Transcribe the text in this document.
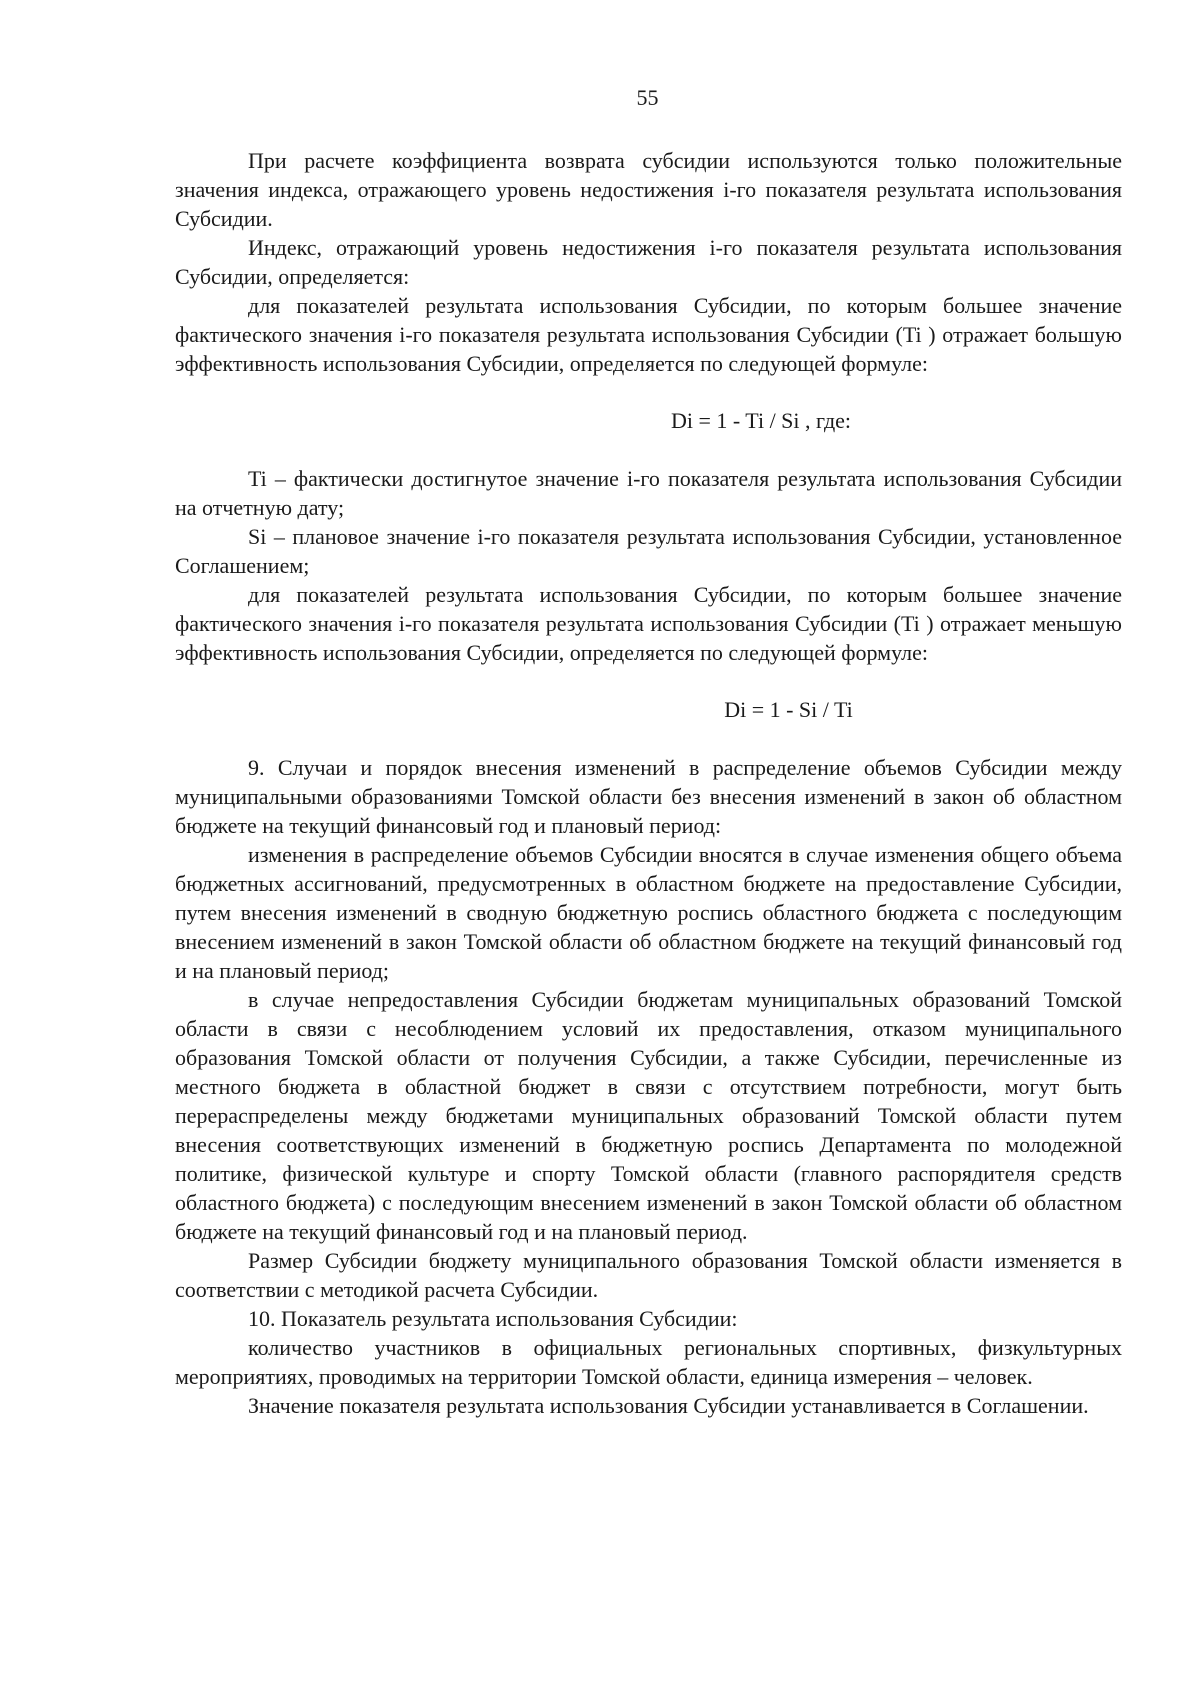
55

При расчете коэффициента возврата субсидии используются только положительные значения индекса, отражающего уровень недостижения i-го показателя результата использования Субсидии.

Индекс, отражающий уровень недостижения i-го показателя результата использования Субсидии, определяется:

для показателей результата использования Субсидии, по которым большее значение фактического значения i-го показателя результата использования Субсидии (Ti ) отражает большую эффективность использования Субсидии, определяется по следующей формуле:

Di = 1 - Ti / Si , где:

Ti – фактически достигнутое значение i-го показателя результата использования Субсидии на отчетную дату;

Si – плановое значение i-го показателя результата использования Субсидии, установленное Соглашением;

для показателей результата использования Субсидии, по которым большее значение фактического значения i-го показателя результата использования Субсидии (Ti ) отражает меньшую эффективность использования Субсидии, определяется по следующей формуле:

Di = 1 - Si / Ti

9. Случаи и порядок внесения изменений в распределение объемов Субсидии между муниципальными образованиями Томской области без внесения изменений в закон об областном бюджете на текущий финансовый год и плановый период:

изменения в распределение объемов Субсидии вносятся в случае изменения общего объема бюджетных ассигнований, предусмотренных в областном бюджете на предоставление Субсидии, путем внесения изменений в сводную бюджетную роспись областного бюджета с последующим внесением изменений в закон Томской области об областном бюджете на текущий финансовый год и на плановый период;

в случае непредоставления Субсидии бюджетам муниципальных образований Томской области в связи с несоблюдением условий их предоставления, отказом муниципального образования Томской области от получения Субсидии, а также Субсидии, перечисленные из местного бюджета в областной бюджет в связи с отсутствием потребности, могут быть перераспределены между бюджетами муниципальных образований Томской области путем внесения соответствующих изменений в бюджетную роспись Департамента по молодежной политике, физической культуре и спорту Томской области (главного распорядителя средств областного бюджета) с последующим внесением изменений в закон Томской области об областном бюджете на текущий финансовый год и на плановый период.

Размер Субсидии бюджету муниципального образования Томской области изменяется в соответствии с методикой расчета Субсидии.

10. Показатель результата использования Субсидии:

количество участников в официальных региональных спортивных, физкультурных мероприятиях, проводимых на территории Томской области, единица измерения – человек.

Значение показателя результата использования Субсидии устанавливается в Соглашении.
